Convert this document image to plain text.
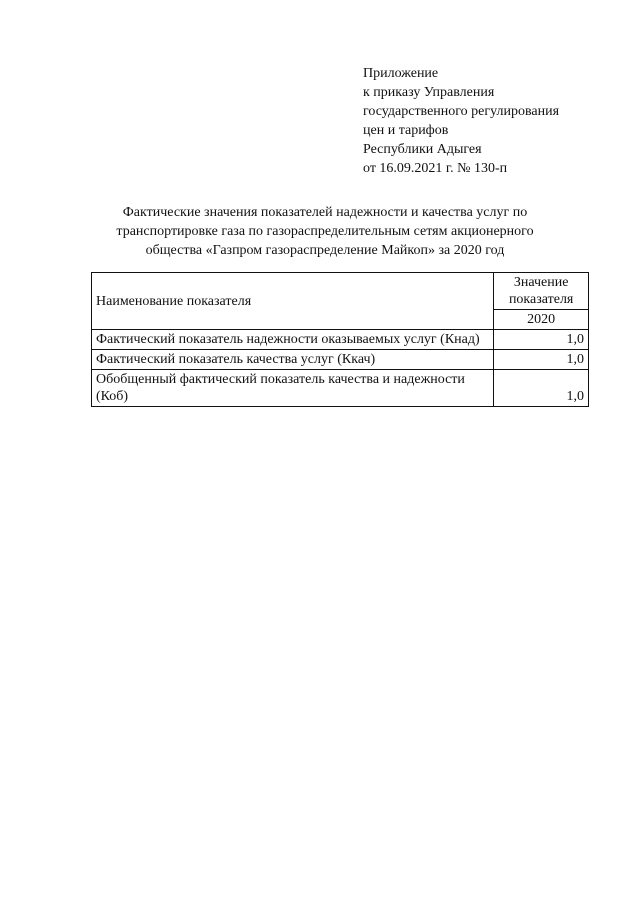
Приложение
к приказу Управления
государственного регулирования
цен и тарифов
Республики Адыгея
от 16.09.2021 г. № 130-п
Фактические значения показателей надежности и качества услуг по
транспортировке газа по газораспределительным сетям акционерного
общества «Газпром газораспределение Майкоп» за 2020 год
Наименование показателя	Значение показателя
	2020
Фактический показатель надежности оказываемых услуг (Кнад)	1,0
Фактический показатель качества услуг (Ккач)	1,0
Обобщенный фактический показатель качества и надежности (Коб)	1,0
